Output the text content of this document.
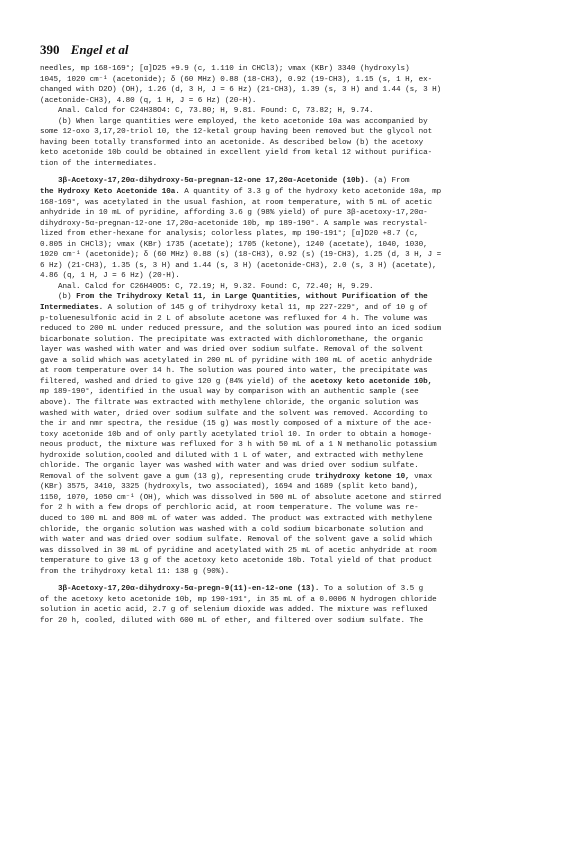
390 Engel et al
needles, mp 168-169°; [α]D25 +9.9 (c, 1.110 in CHCl3); νmax (KBr) 3340 (hydroxyls)
1045, 1020 cm⁻¹ (acetonide); δ (60 MHz) 0.88 (18-CH3), 0.92 (19-CH3), 1.15 (s, 1 H, ex-
changed with D2O) (OH), 1.26 (d, 3 H, J = 6 Hz) (21-CH3), 1.39 (s, 3 H) and 1.44 (s, 3 H)
(acetonide-CH3), 4.80 (q, 1 H, J = 6 Hz) (20-H).
Anal. Calcd for C24H38O4: C, 73.80; H, 9.81. Found: C, 73.82; H, 9.74.
(b) When large quantities were employed, the keto acetonide 10a was accompanied by
some 12-oxo 3,17,20-triol 10, the 12-ketal group having been removed but the glycol not
having been totally transformed into an acetonide. As described below (b) the acetoxy
keto acetonide 10b could be obtained in excellent yield from ketal 12 without purifica-
tion of the intermediates.
3β-Acetoxy-17,20α-dihydroxy-5α-pregnan-12-one 17,20α-Acetonide (10b). (a) From
the Hydroxy Keto Acetonide 10a. A quantity of 3.3 g of the hydroxy keto acetonide 10a, mp
168-169°, was acetylated in the usual fashion, at room temperature, with 5 mL of acetic
anhydride in 10 mL of pyridine, affording 3.6 g (98% yield) of pure 3β-acetoxy-17,20α-
dihydroxy-5α-pregnan-12-one 17,20α-acetonide 10b, mp 189-190°. A sample was recrystal-
lized from ether-hexane for analysis; colorless plates, mp 190-191°; [α]D20 +8.7 (c,
0.805 in CHCl3); νmax (KBr) 1735 (acetate); 1705 (ketone), 1240 (acetate), 1040, 1030,
1020 cm⁻¹ (acetonide); δ (60 MHz) 0.88 (s) (18-CH3), 0.92 (s) (19-CH3), 1.25 (d, 3 H, J =
6 Hz) (21-CH3), 1.35 (s, 3 H) and 1.44 (s, 3 H) (acetonide-CH3), 2.0 (s, 3 H) (acetate),
4.86 (q, 1 H, J = 6 Hz) (20-H).
Anal. Calcd for C26H40O5: C, 72.19; H, 9.32. Found: C, 72.40; H, 9.29.
(b) From the Trihydroxy Ketal 11, in Large Quantities, without Purification of the
Intermediates. A solution of 145 g of trihydroxy ketal 11, mp 227-229°, and of 10 g of
p-toluenesulfonic acid in 2 L of absolute acetone was refluxed for 4 h. The volume was
reduced to 200 mL under reduced pressure, and the solution was poured into an iced sodium
bicarbonate solution. The precipitate was extracted with dichloromethane, the organic
layer was washed with water and was dried over sodium sulfate. Removal of the solvent
gave a solid which was acetylated in 200 mL of pyridine with 100 mL of acetic anhydride
at room temperature over 14 h. The solution was poured into water, the precipitate was
filtered, washed and dried to give 120 g (84% yield) of the acetoxy keto acetonide 10b,
mp 189-190°, identified in the usual way by comparison with an authentic sample (see
above). The filtrate was extracted with methylene chloride, the organic solution was
washed with water, dried over sodium sulfate and the solvent was removed. According to
the ir and nmr spectra, the residue (15 g) was mostly composed of a mixture of the ace-
toxy acetonide 10b and of only partly acetylated triol 10. In order to obtain a homoge-
neous product, the mixture was refluxed for 3 h with 50 mL of a 1 N methanolic potassium
hydroxide solution,cooled and diluted with 1 L of water, and extracted with methylene
chloride. The organic layer was washed with water and was dried over sodium sulfate.
Removal of the solvent gave a gum (13 g), representing crude trihydroxy ketone 10, νmax
(KBr) 3575, 3410, 3325 (hydroxyls, two associated), 1694 and 1689 (split keto band),
1150, 1070, 1050 cm⁻¹ (OH), which was dissolved in 500 mL of absolute acetone and stirred
for 2 h with a few drops of perchloric acid, at room temperature. The volume was re-
duced to 100 mL and 800 mL of water was added. The product was extracted with methylene
chloride, the organic solution was washed with a cold sodium bicarbonate solution and
with water and was dried over sodium sulfate. Removal of the solvent gave a solid which
was dissolved in 30 mL of pyridine and acetylated with 25 mL of acetic anhydride at room
temperature to give 13 g of the acetoxy keto acetonide 10b. Total yield of that product
from the trihydroxy ketal 11: 138 g (90%).
3β-Acetoxy-17,20α-dihydroxy-5α-pregn-9(11)-en-12-one (13). To a solution of 3.5 g
of the acetoxy keto acetonide 10b, mp 190-191°, in 35 mL of a 0.0006 N hydrogen chloride
solution in acetic acid, 2.7 g of selenium dioxide was added. The mixture was refluxed
for 20 h, cooled, diluted with 600 mL of ether, and filtered over sodium sulfate. The
